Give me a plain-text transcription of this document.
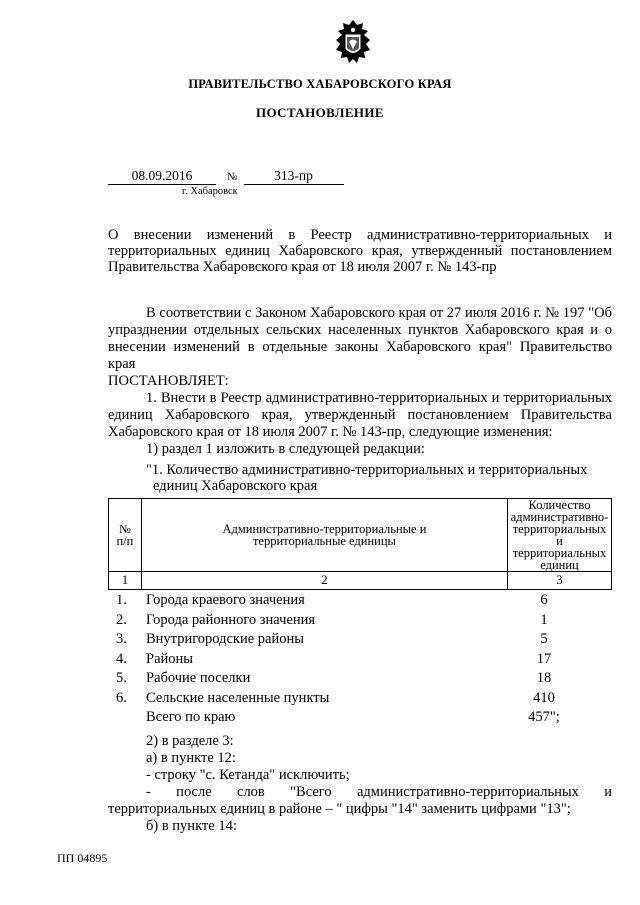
ПРАВИТЕЛЬСТВО ХАБАРОВСКОГО КРАЯ
ПОСТАНОВЛЕНИЕ
08.09.2016	№	313-пр
г. Хабаровск
О внесении изменений в Реестр административно-территориальных и территориальных единиц Хабаровского края, утвержденный постановлением Правительства Хабаровского края от 18 июля 2007 г. № 143-пр
В соответствии с Законом Хабаровского края от 27 июля 2016 г. № 197 "Об упразднении отдельных сельских населенных пунктов Хабаровского края и о внесении изменений в отдельные законы Хабаровского края" Правительство края
ПОСТАНОВЛЯЕТ:
1. Внести в Реестр административно-территориальных и территориальных единиц Хабаровского края, утвержденный постановлением Правительства Хабаровского края от 18 июля 2007 г. № 143-пр, следующие изменения:
1) раздел 1 изложить в следующей редакции:
"1. Количество административно-территориальных и территориальных
единиц Хабаровского края
№ п/п	Административно-территориальные и территориальные единицы	Количество административно-территориальных и территориальных единиц
1	2	3
1.	Города краевого значения	6
2.	Города районного значения	1
3.	Внутригородские районы	5
4.	Районы	17
5.	Рабочие поселки	18
6.	Сельские населенные пункты	410
Всего по краю	457";
2) в разделе 3:
а) в пункте 12:
- строку "с. Кетанда" исключить;
- после слов "Всего административно-территориальных и территориальных единиц в районе – " цифры "14" заменить цифрами "13";
б) в пункте 14:
ПП 04895
